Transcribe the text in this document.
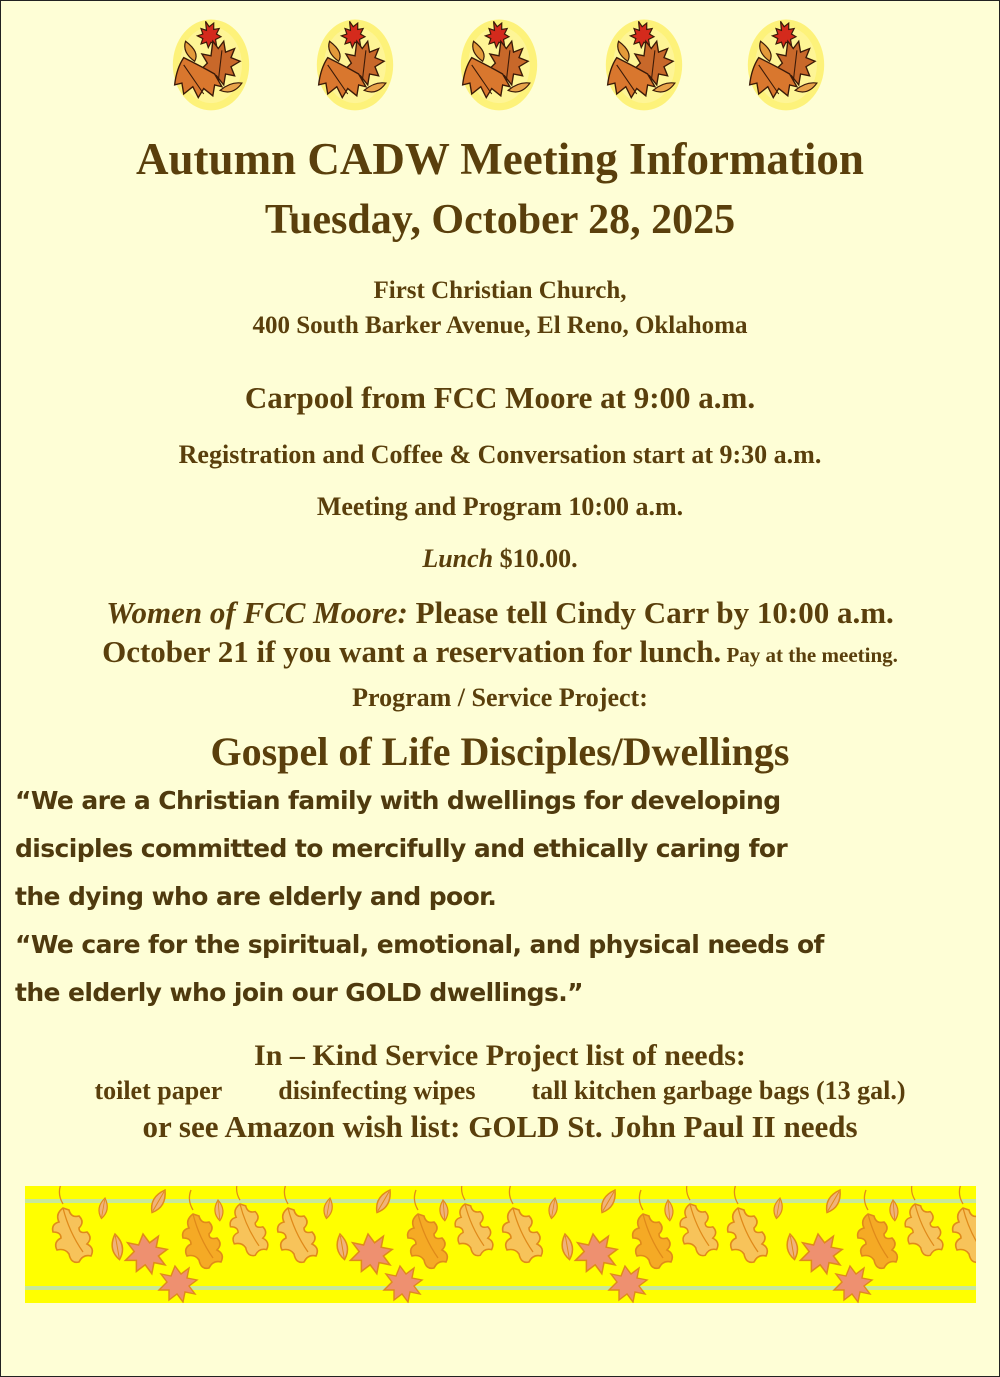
Autumn CADW Meeting Information
Tuesday, October 28, 2025
First Christian Church,
400 South Barker Avenue, El Reno, Oklahoma
Carpool from FCC Moore at 9:00 a.m.
Registration and Coffee & Conversation start at 9:30 a.m.
Meeting and Program 10:00 a.m.
Lunch $10.00.
Women of FCC Moore: Please tell Cindy Carr by 10:00 a.m.
October 21 if you want a reservation for lunch. Pay at the meeting.
Program / Service Project:
Gospel of Life Disciples/Dwellings
“We are a Christian family with dwellings for developing
disciples committed to mercifully and ethically caring for
the dying who are elderly and poor.
“We care for the spiritual, emotional, and physical needs of
the elderly who join our GOLD dwellings.”
In – Kind Service Project list of needs:
toilet paper disinfecting wipes tall kitchen garbage bags (13 gal.)
or see Amazon wish list: GOLD St. John Paul II needs
